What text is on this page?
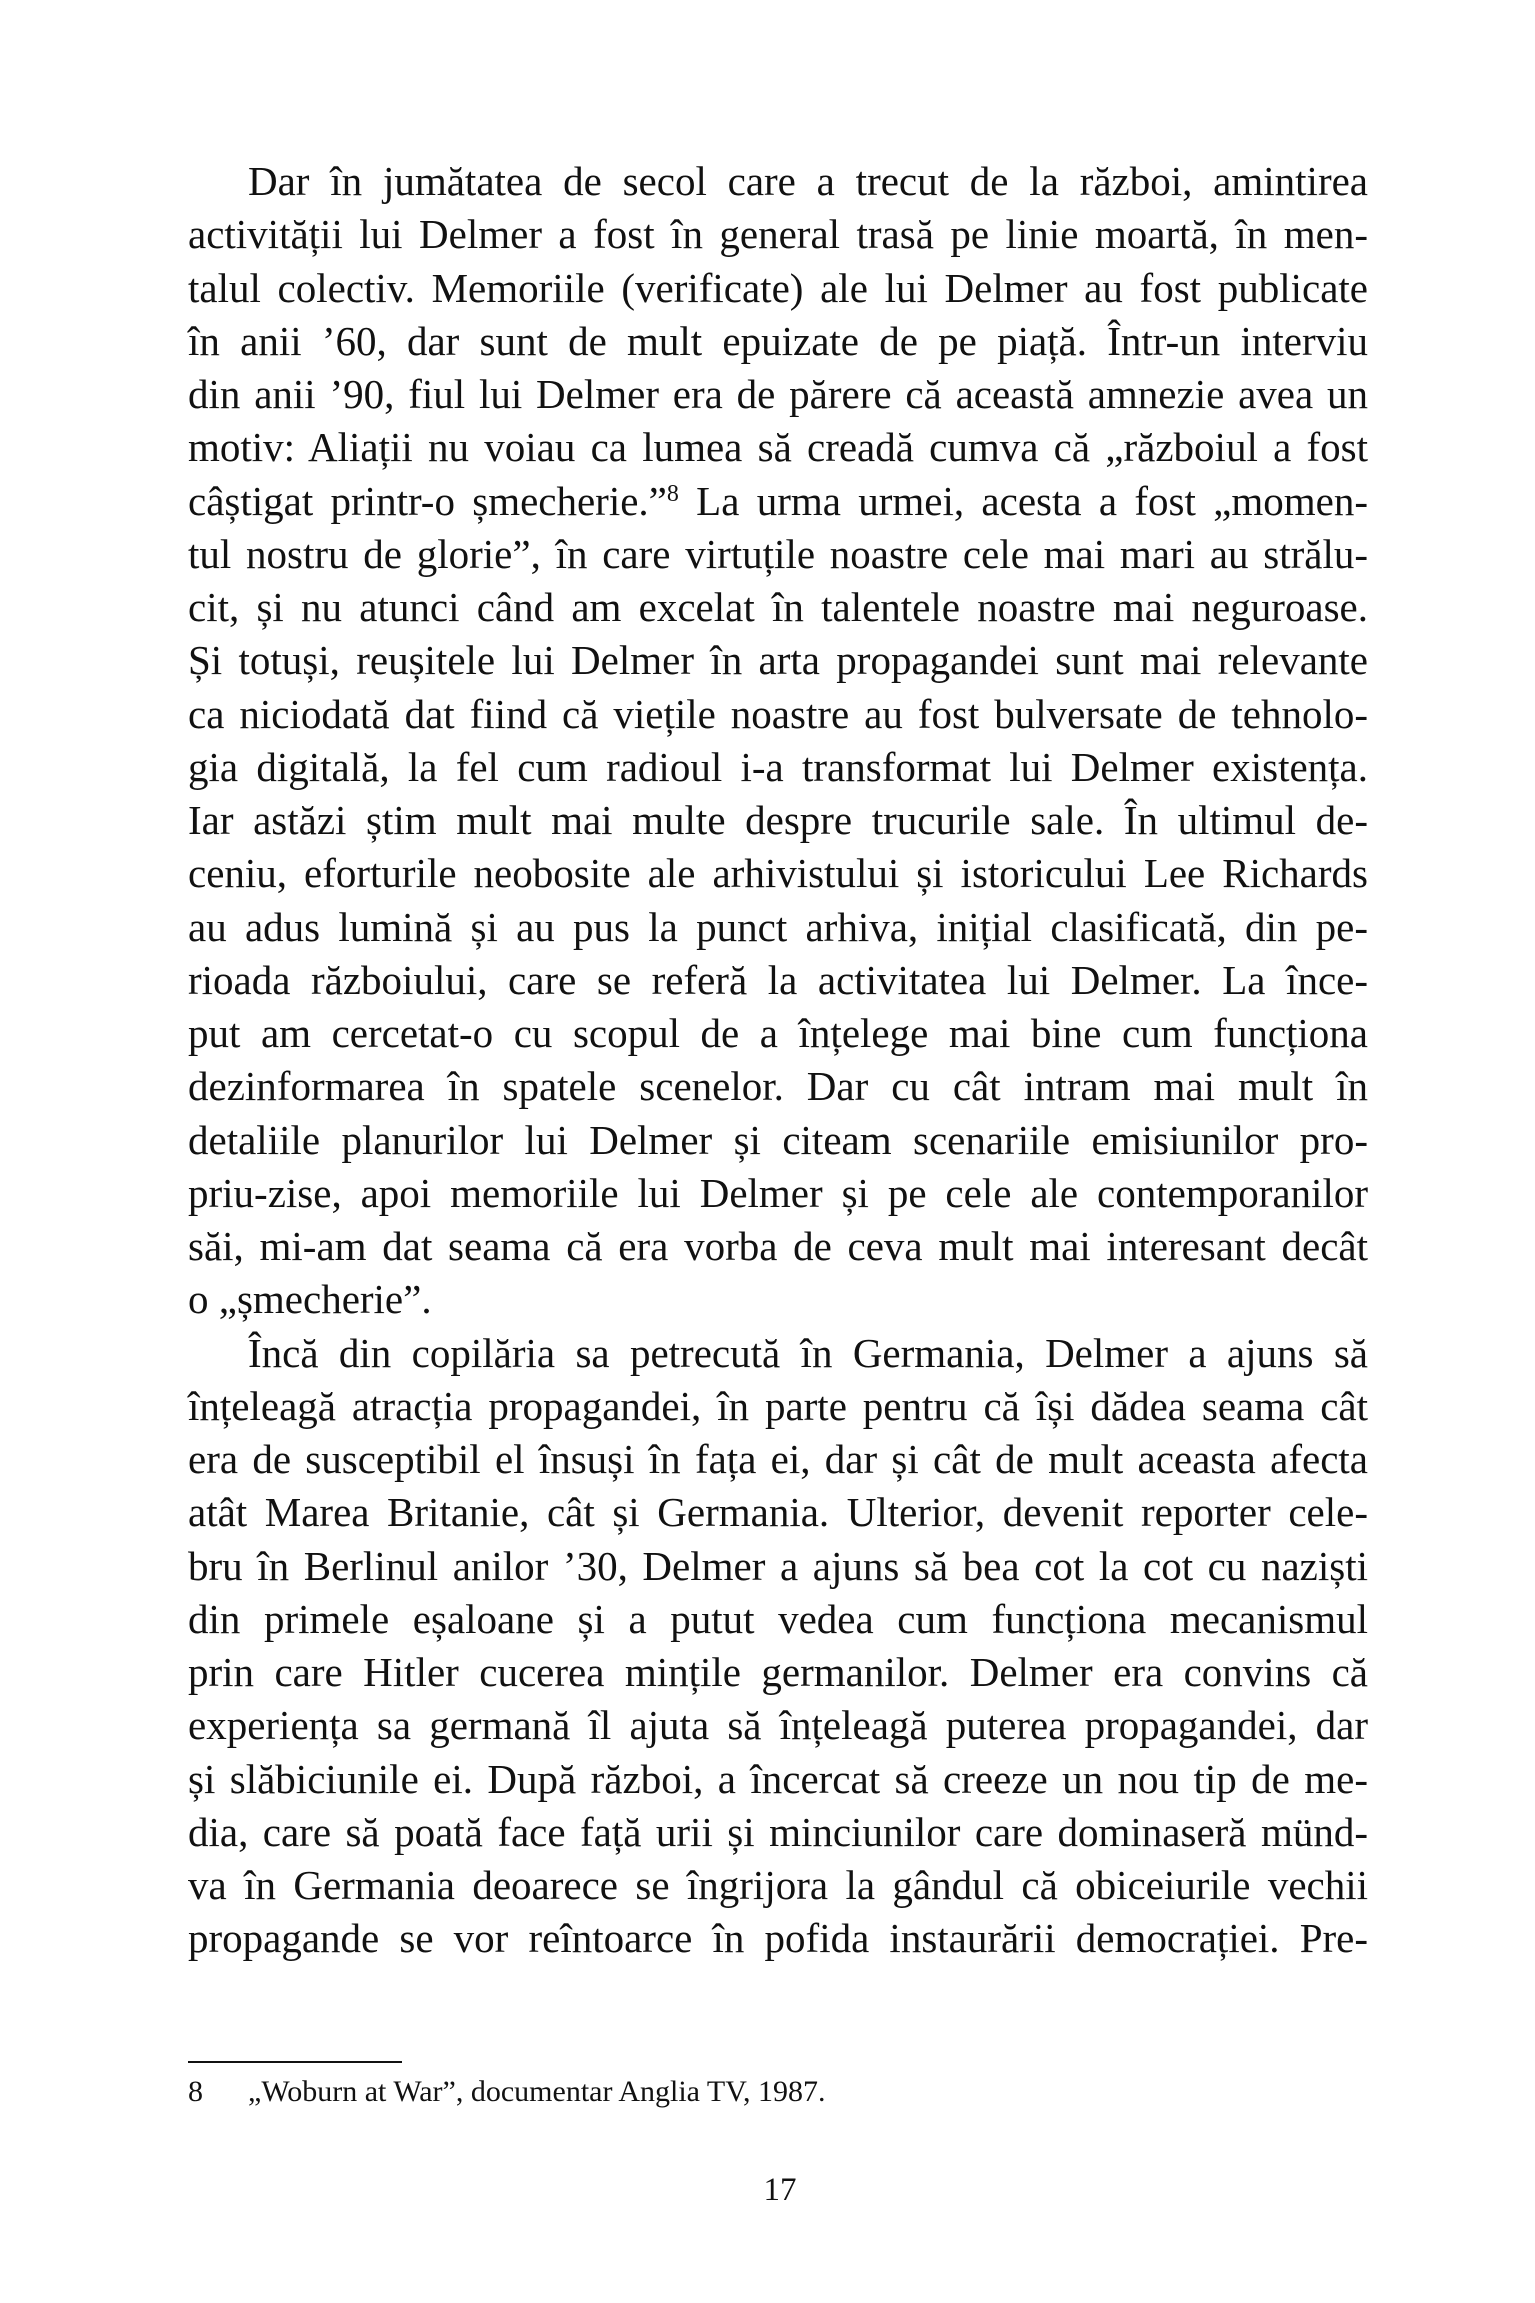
Dar în jumătatea de secol care a trecut de la război, amintirea
activității lui Delmer a fost în general trasă pe linie moartă, în men-
talul colectiv. Memoriile (verificate) ale lui Delmer au fost publicate
în anii ’60, dar sunt de mult epuizate de pe piață. Într-un interviu
din anii ’90, fiul lui Delmer era de părere că această amnezie avea un
motiv: Aliații nu voiau ca lumea să creadă cumva că „războiul a fost
câștigat printr-o șmecherie.”$^8$ La urma urmei, acesta a fost „momen-
tul nostru de glorie”, în care virtuțile noastre cele mai mari au strălu-
cit, și nu atunci când am excelat în talentele noastre mai neguroase.
Și totuși, reușitele lui Delmer în arta propagandei sunt mai relevante
ca niciodată dat fiind că viețile noastre au fost bulversate de tehnolo-
gia digitală, la fel cum radioul i-a transformat lui Delmer existența.
Iar astăzi știm mult mai multe despre trucurile sale. În ultimul de-
ceniu, eforturile neobosite ale arhivistului și istoricului Lee Richards
au adus lumină și au pus la punct arhiva, inițial clasificată, din pe-
rioada războiului, care se referă la activitatea lui Delmer. La înce-
put am cercetat-o cu scopul de a înțelege mai bine cum funcționa
dezinformarea în spatele scenelor. Dar cu cât intram mai mult în
detaliile planurilor lui Delmer și citeam scenariile emisiunilor pro-
priu-zise, apoi memoriile lui Delmer și pe cele ale contemporanilor
săi, mi-am dat seama că era vorba de ceva mult mai interesant decât
o „șmecherie”.
Încă din copilăria sa petrecută în Germania, Delmer a ajuns să
înțeleagă atracția propagandei, în parte pentru că își dădea seama cât
era de susceptibil el însuși în fața ei, dar și cât de mult aceasta afecta
atât Marea Britanie, cât și Germania. Ulterior, devenit reporter cele-
bru în Berlinul anilor ’30, Delmer a ajuns să bea cot la cot cu naziști
din primele eșaloane și a putut vedea cum funcționa mecanismul
prin care Hitler cucerea mințile germanilor. Delmer era convins că
experiența sa germană îl ajuta să înțeleagă puterea propagandei, dar
și slăbiciunile ei. După război, a încercat să creeze un nou tip de me-
dia, care să poată face față urii și minciunilor care dominaseră münd-
va în Germania deoarece se îngrijora la gândul că obiceiurile vechii
propagande se vor reîntoarce în pofida instaurării democrației. Pre-
8 „Woburn at War”, documentar Anglia TV, 1987.
17
